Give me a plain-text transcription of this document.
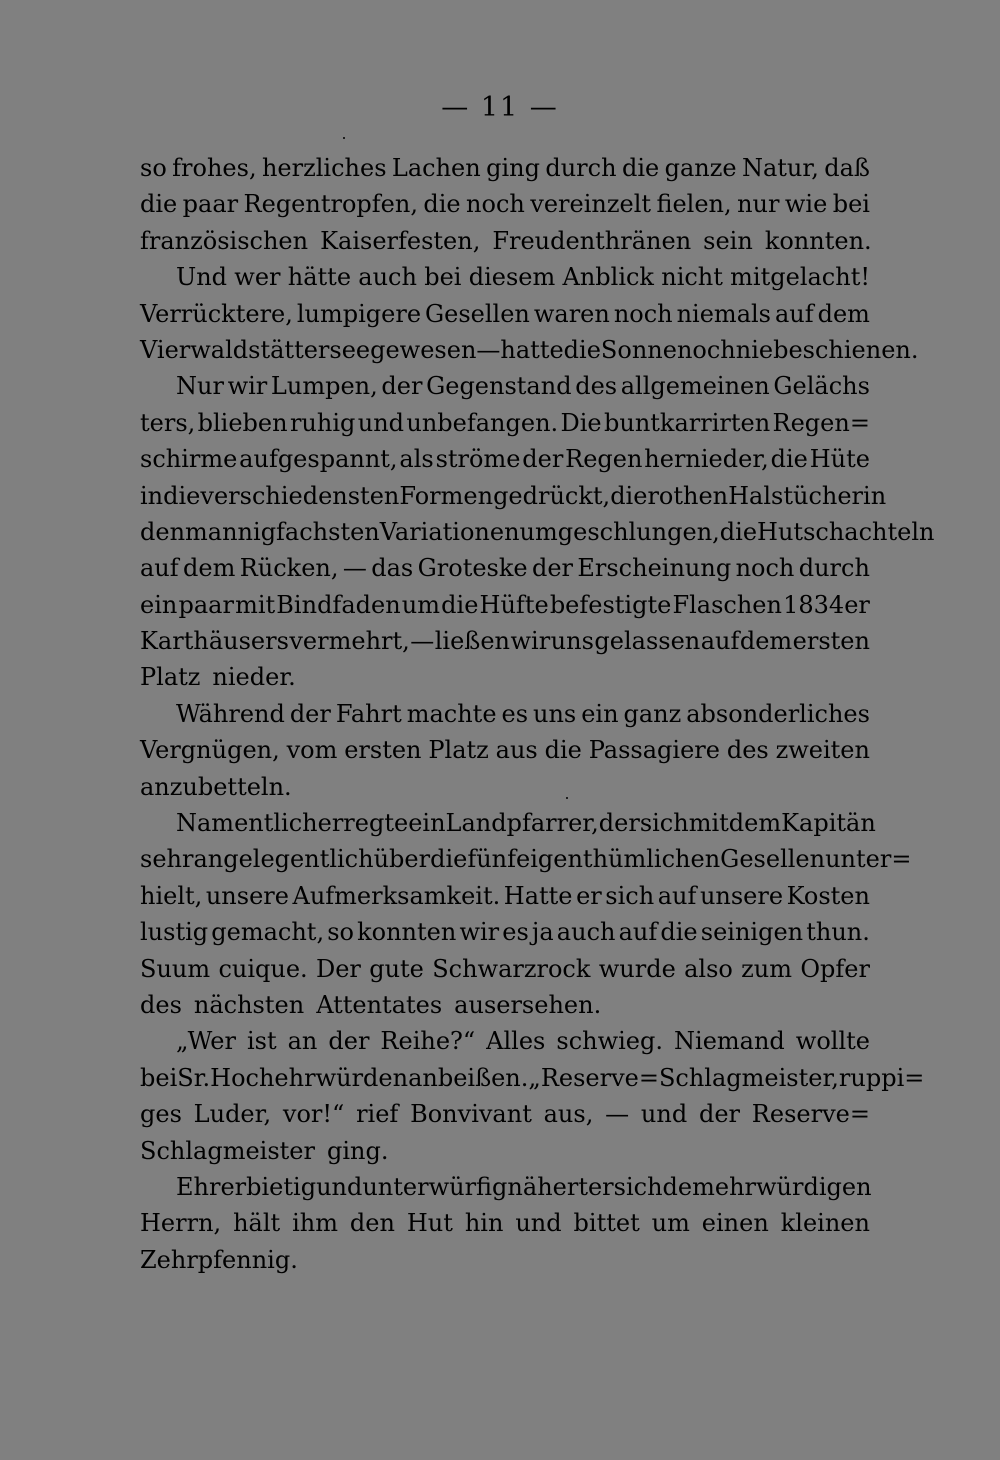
— 11 —
so frohes, herzliches Lachen ging durch die ganze Natur, daß
die paar Regentropfen, die noch vereinzelt fielen, nur wie bei
französischen Kaiserfesten, Freudenthränen sein konnten.
Und wer hätte auch bei diesem Anblick nicht mitgelacht!
Verrücktere, lumpigere Gesellen waren noch niemals auf dem
Vierwaldstättersee gewesen — hatte die Sonne noch nie beschienen.
Nur wir Lumpen, der Gegenstand des allgemeinen Gelächs
ters, blieben ruhig und unbefangen. Die buntkarrirten Regen=
schirme aufgespannt, als ströme der Regen hernieder, die Hüte
in die verschiedensten Formen gedrückt, die rothen Halstücher in
den mannigfachsten Variationen umgeschlungen, die Hutschachteln
auf dem Rücken, — das Groteske der Erscheinung noch durch
ein paar mit Bindfaden um die Hüfte befestigte Flaschen 1834er
Karthäusers vermehrt, — ließen wir uns gelassen auf dem ersten
Platz nieder.
Während der Fahrt machte es uns ein ganz absonderliches
Vergnügen, vom ersten Platz aus die Passagiere des zweiten
anzubetteln.
Namentlich erregte ein Landpfarrer, der sich mit dem Kapitän
sehr angelegentlich über die fünf eigenthümlichen Gesellen unter=
hielt, unsere Aufmerksamkeit. Hatte er sich auf unsere Kosten
lustig gemacht, so konnten wir es ja auch auf die seinigen thun.
Suum cuique. Der gute Schwarzrock wurde also zum Opfer
des nächsten Attentates ausersehen.
„Wer ist an der Reihe?“ Alles schwieg. Niemand wollte
bei Sr. Hochehrwürden anbeißen. „Reserve=Schlagmeister, ruppi=
ges Luder, vor!“ rief Bonvivant aus, — und der Reserve=
Schlagmeister ging.
Ehrerbietig und unterwürfig nähert er sich dem ehrwürdigen
Herrn, hält ihm den Hut hin und bittet um einen kleinen
Zehrpfennig.
